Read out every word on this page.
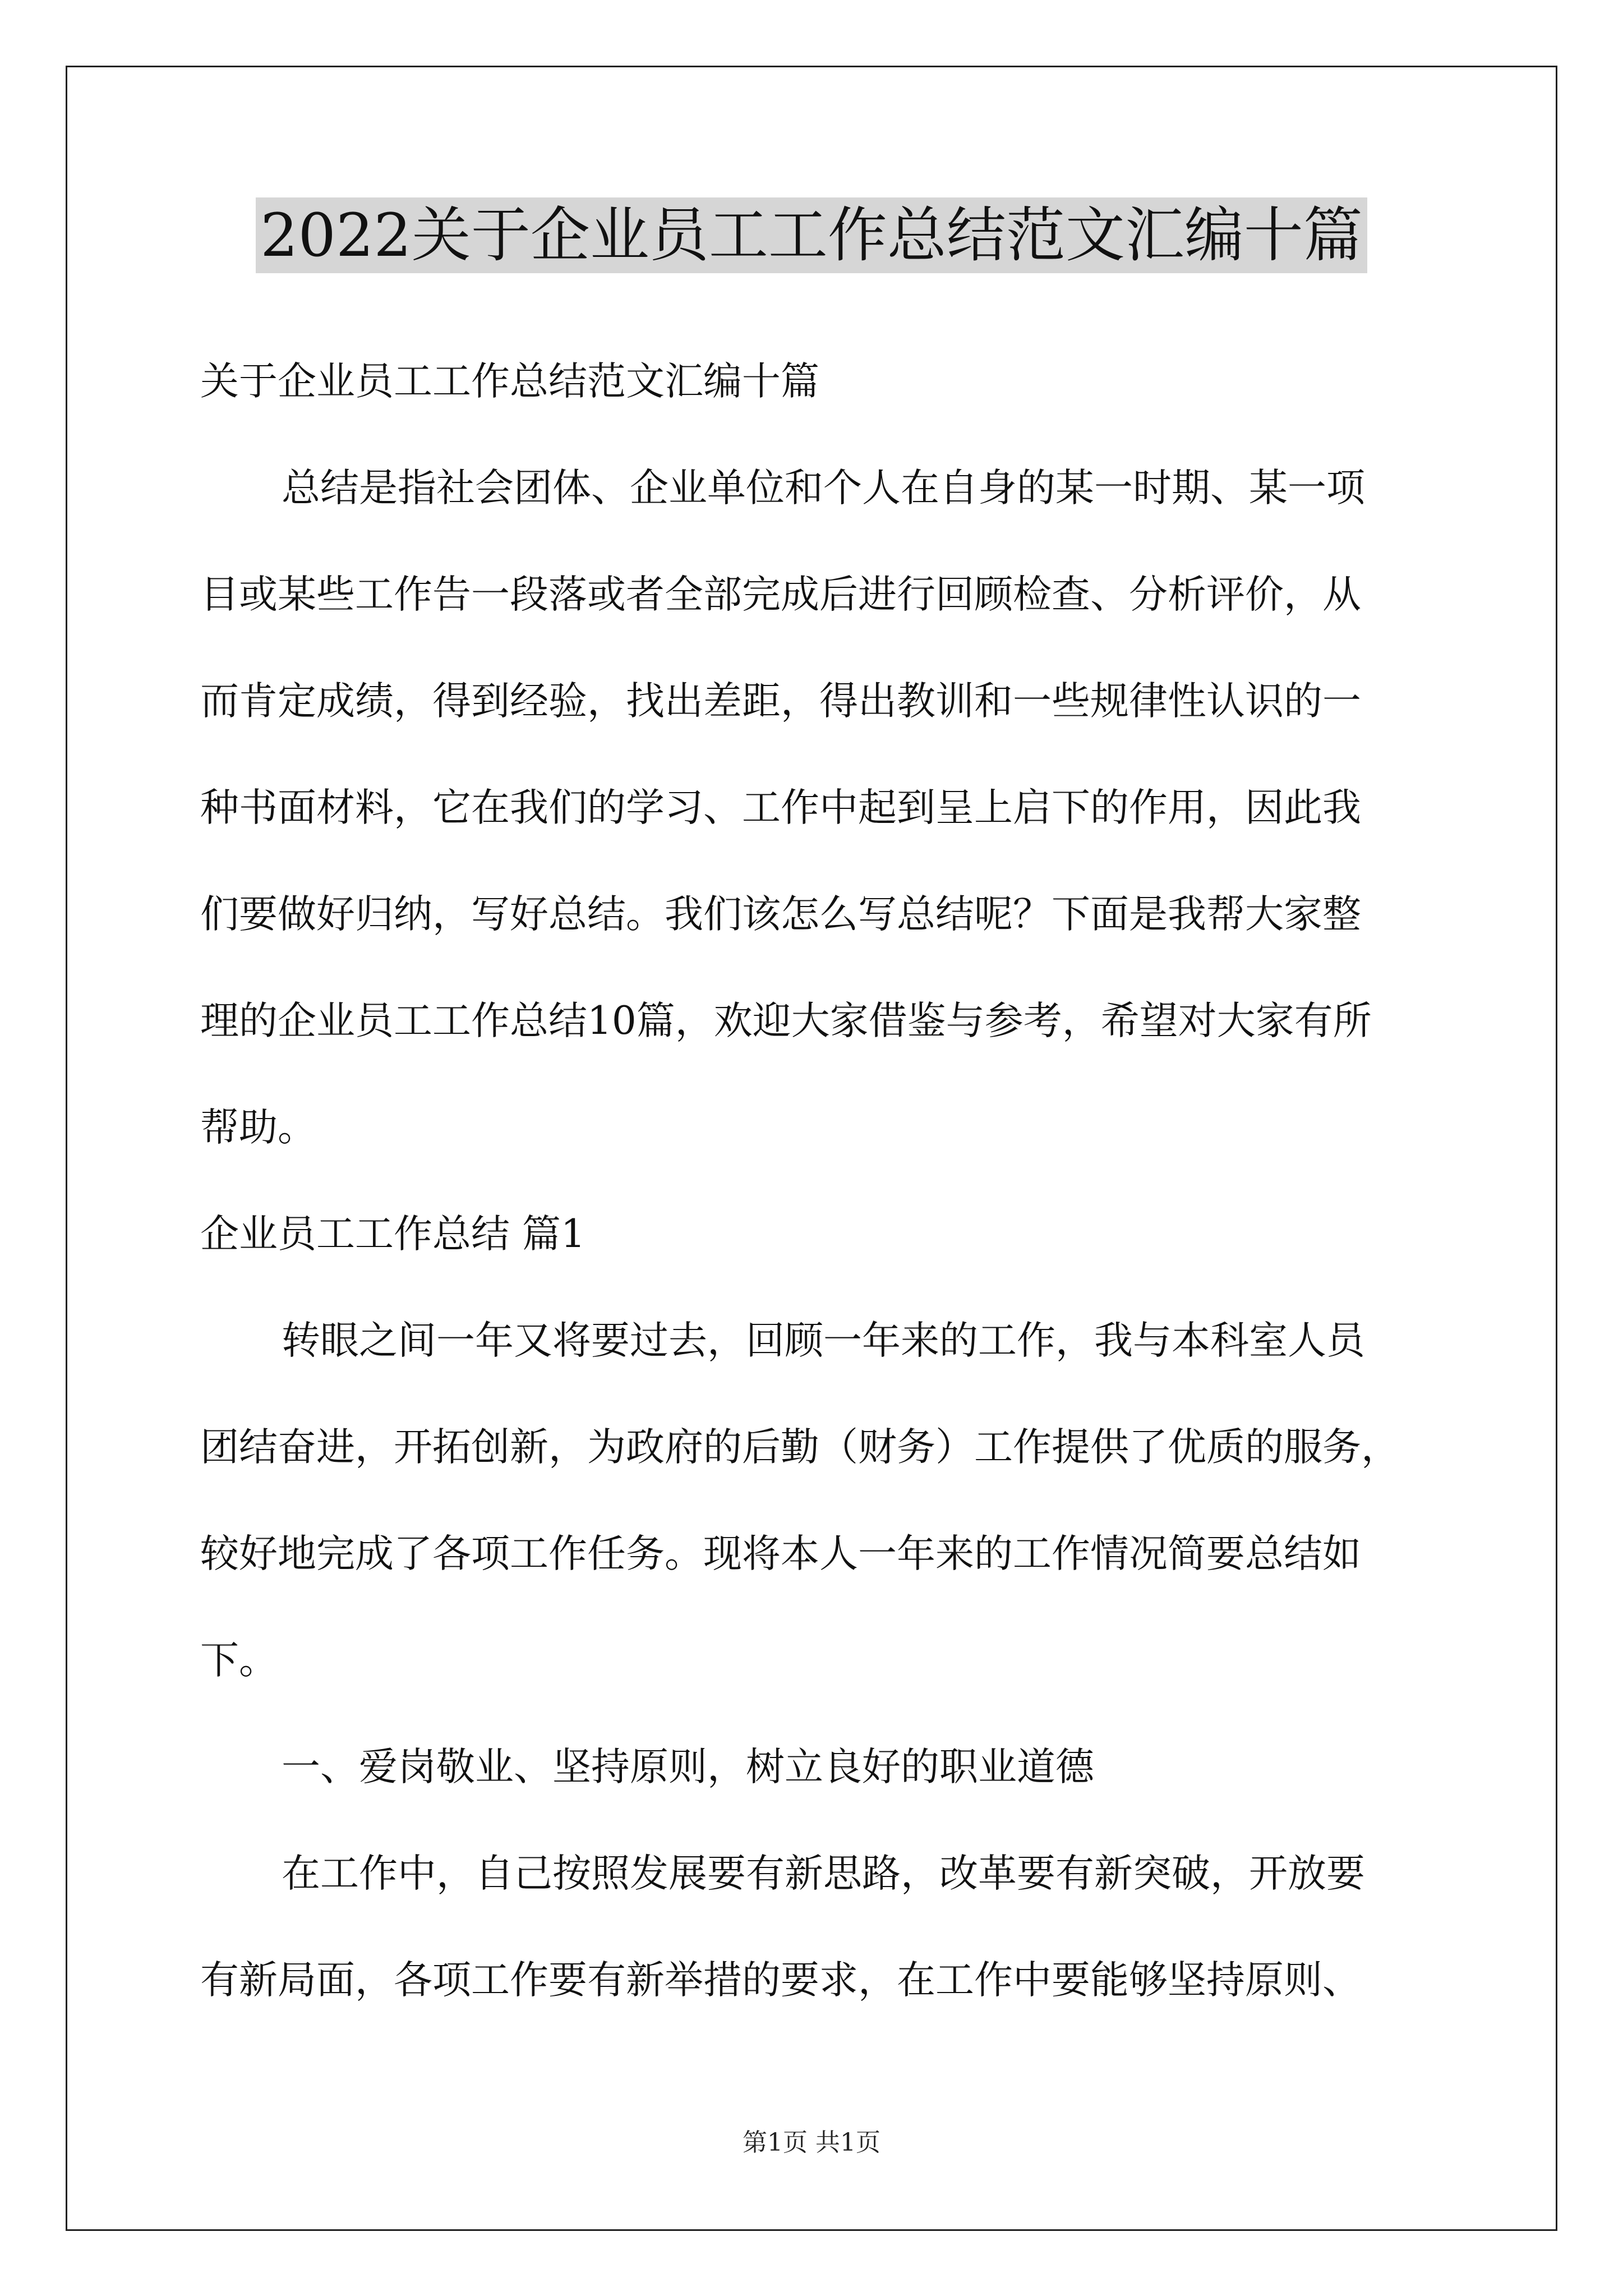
2022关于企业员工工作总结范文汇编十篇
关于企业员工工作总结范文汇编十篇
总结是指社会团体、企业单位和个人在自身的某一时期、某一项
目或某些工作告一段落或者全部完成后进行回顾检查、分析评价，从
而肯定成绩，得到经验，找出差距，得出教训和一些规律性认识的一
种书面材料，它在我们的学习、工作中起到呈上启下的作用，因此我
们要做好归纳，写好总结。我们该怎么写总结呢？下面是我帮大家整
理的企业员工工作总结10篇，欢迎大家借鉴与参考，希望对大家有所
帮助。
企业员工工作总结 篇1
转眼之间一年又将要过去，回顾一年来的工作，我与本科室人员
团结奋进，开拓创新，为政府的后勤（财务）工作提供了优质的服务，
较好地完成了各项工作任务。现将本人一年来的工作情况简要总结如
下。
一、爱岗敬业、坚持原则，树立良好的职业道德
在工作中，自己按照发展要有新思路，改革要有新突破，开放要
有新局面，各项工作要有新举措的要求，在工作中要能够坚持原则、
第1页 共1页
